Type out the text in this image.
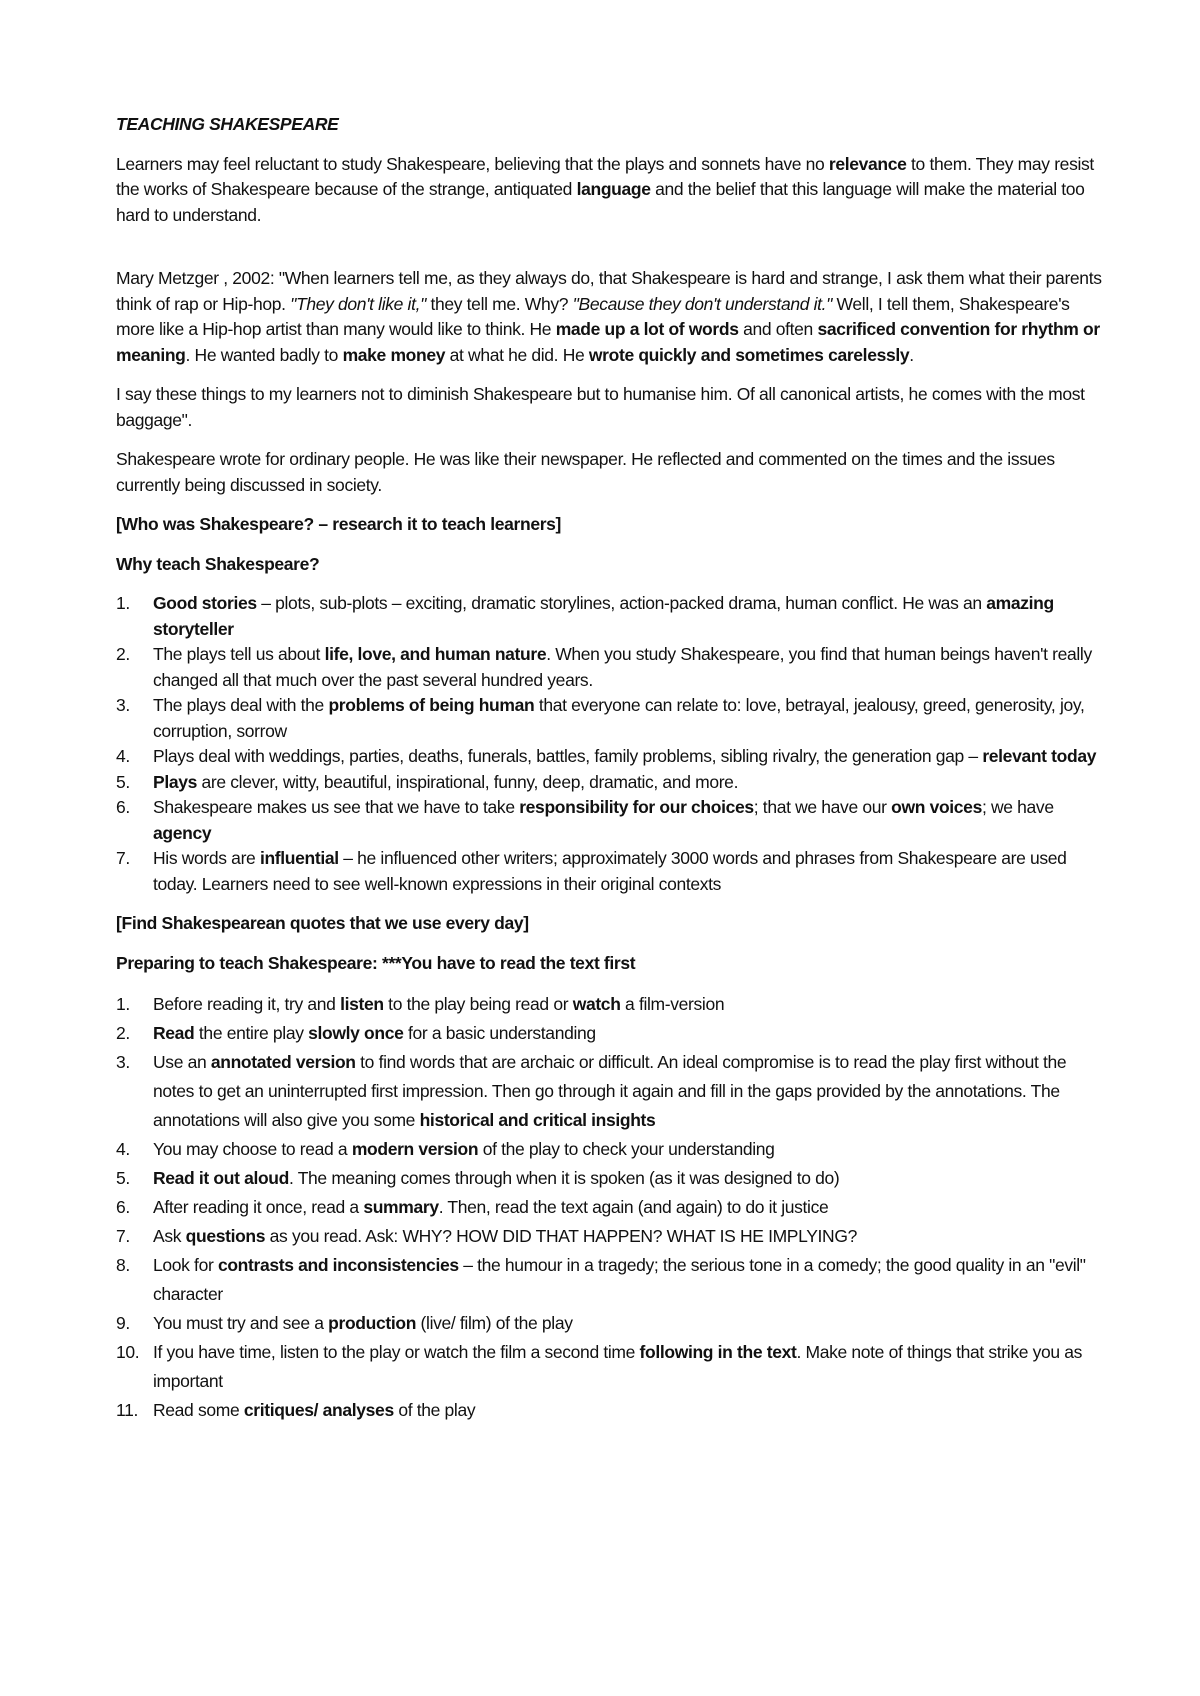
TEACHING SHAKESPEARE

Learners may feel reluctant to study Shakespeare, believing that the plays and sonnets have no relevance to them. They may resist the works of Shakespeare because of the strange, antiquated language and the belief that this language will make the material too hard to understand.

Mary Metzger , 2002: "When learners tell me, as they always do, that Shakespeare is hard and strange, I ask them what their parents think of rap or Hip-hop. "They don't like it," they tell me. Why? "Because they don't understand it." Well, I tell them, Shakespeare's more like a Hip-hop artist than many would like to think. He made up a lot of words and often sacrificed convention for rhythm or meaning. He wanted badly to make money at what he did. He wrote quickly and sometimes carelessly.

I say these things to my learners not to diminish Shakespeare but to humanise him. Of all canonical artists, he comes with the most baggage".

Shakespeare wrote for ordinary people. He was like their newspaper. He reflected and commented on the times and the issues currently being discussed in society.

[Who was Shakespeare? – research it to teach learners]

Why teach Shakespeare?

1. Good stories – plots, sub-plots – exciting, dramatic storylines, action-packed drama, human conflict. He was an amazing storyteller
2. The plays tell us about life, love, and human nature. When you study Shakespeare, you find that human beings haven't really changed all that much over the past several hundred years.
3. The plays deal with the problems of being human that everyone can relate to: love, betrayal, jealousy, greed, generosity, joy, corruption, sorrow
4. Plays deal with weddings, parties, deaths, funerals, battles, family problems, sibling rivalry, the generation gap – relevant today
5. Plays are clever, witty, beautiful, inspirational, funny, deep, dramatic, and more.
6. Shakespeare makes us see that we have to take responsibility for our choices; that we have our own voices; we have agency
7. His words are influential – he influenced other writers; approximately 3000 words and phrases from Shakespeare are used today. Learners need to see well-known expressions in their original contexts

[Find Shakespearean quotes that we use every day]

Preparing to teach Shakespeare: ***You have to read the text first

1. Before reading it, try and listen to the play being read or watch a film-version
2. Read the entire play slowly once for a basic understanding
3. Use an annotated version to find words that are archaic or difficult. An ideal compromise is to read the play first without the notes to get an uninterrupted first impression. Then go through it again and fill in the gaps provided by the annotations. The annotations will also give you some historical and critical insights
4. You may choose to read a modern version of the play to check your understanding
5. Read it out aloud. The meaning comes through when it is spoken (as it was designed to do)
6. After reading it once, read a summary. Then, read the text again (and again) to do it justice
7. Ask questions as you read. Ask: WHY? HOW DID THAT HAPPEN? WHAT IS HE IMPLYING?
8. Look for contrasts and inconsistencies – the humour in a tragedy; the serious tone in a comedy; the good quality in an "evil" character
9. You must try and see a production (live/ film) of the play
10. If you have time, listen to the play or watch the film a second time following in the text. Make note of things that strike you as important
11. Read some critiques/ analyses of the play
